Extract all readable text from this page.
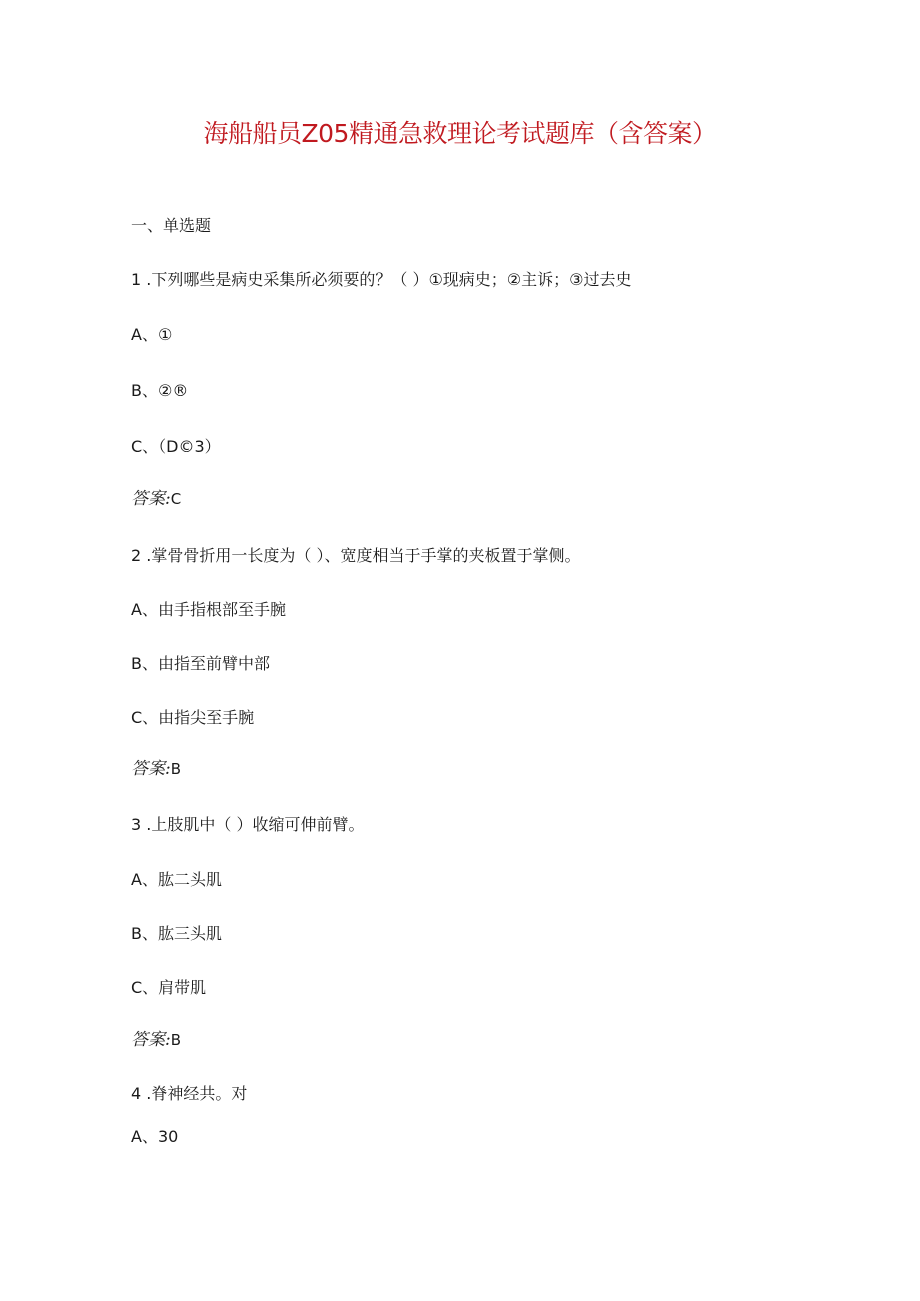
海船船员Z05精通急救理论考试题库（含答案）
一、单选题
1 .下列哪些是病史采集所必须要的？（ ）①现病史；②主诉；③过去史
A、①
B、②®
C、（D©3）
答案:C
2 .掌骨骨折用一长度为（ ）、宽度相当于手掌的夹板置于掌侧。
A、由手指根部至手腕
B、由指至前臂中部
C、由指尖至手腕
答案:B
3 .上肢肌中（ ）收缩可伸前臂。
A、肱二头肌
B、肱三头肌
C、肩带肌
答案:B
4 .脊神经共。对
A、30
